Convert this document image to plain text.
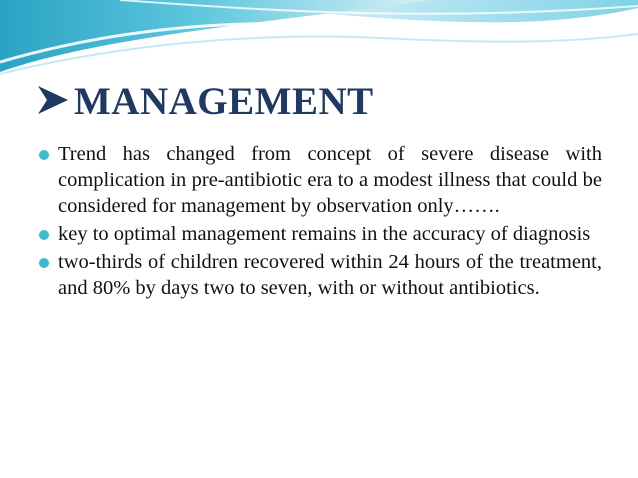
MANAGEMENT

Trend has changed from concept of severe disease with complication in pre-antibiotic era to a modest illness that could be considered for management by observation only…….

key to optimal management remains in the accuracy of diagnosis

two-thirds of children recovered within 24 hours of the treatment, and 80% by days two to seven, with or without antibiotics.
